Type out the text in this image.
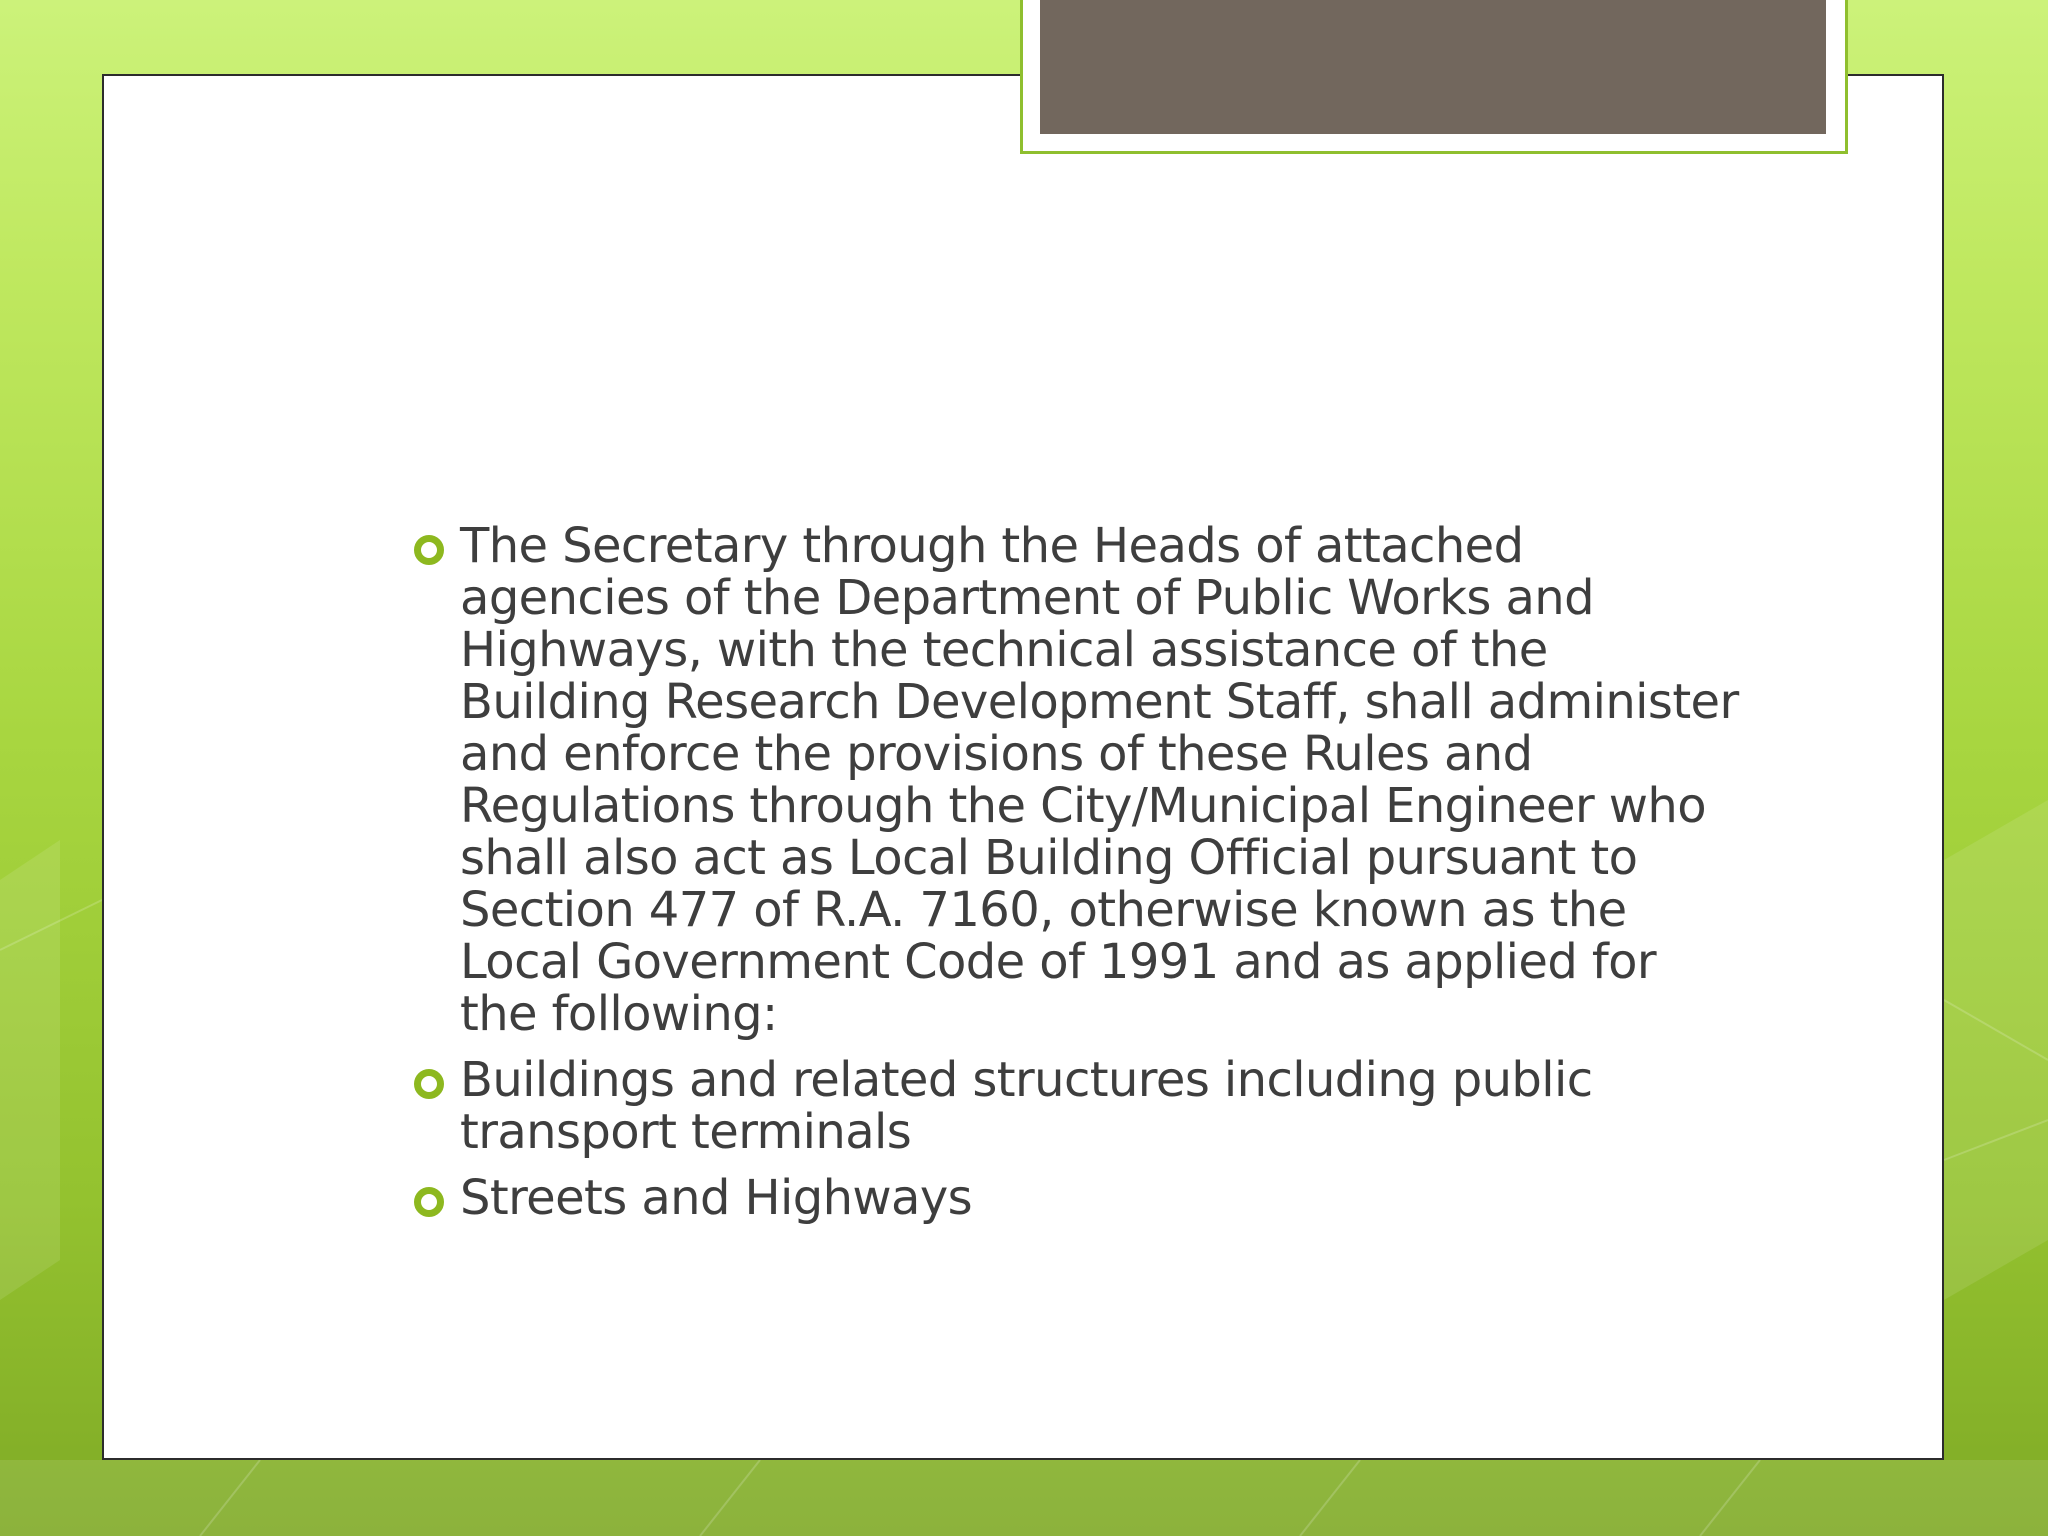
The Secretary through the Heads of attached agencies of the Department of Public Works and Highways, with the technical assistance of the Building Research Development Staff, shall administer and enforce the provisions of these Rules and Regulations through the City/Municipal Engineer who shall also act as Local Building Official pursuant to Section 477 of R.A. 7160, otherwise known as the Local Government Code of 1991 and as applied for the following:
Buildings and related structures including public transport terminals
Streets and Highways
